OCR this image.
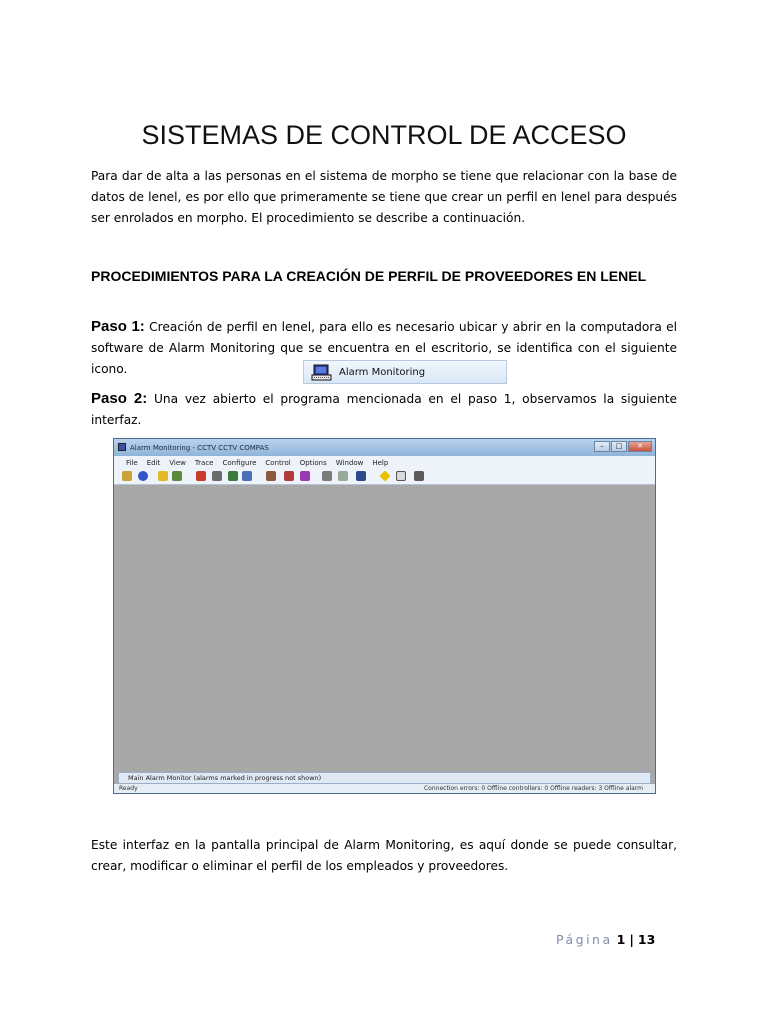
SISTEMAS DE CONTROL DE ACCESO

Para dar de alta a las personas en el sistema de morpho se tiene que relacionar con la base de datos de lenel, es por ello que primeramente se tiene que crear un perfil en lenel para después ser enrolados en morpho. El procedimiento se describe a continuación.

PROCEDIMIENTOS PARA LA CREACIÓN DE PERFIL DE PROVEEDORES EN LENEL

Paso 1: Creación de perfil en lenel, para ello es necesario ubicar y abrir en la computadora el software de Alarm Monitoring que se encuentra en el escritorio, se identifica con el siguiente icono.	Alarm Monitoring

Paso 2: Una vez abierto el programa mencionada en el paso 1, observamos la siguiente interfaz.

Alarm Monitoring - CCTV CCTV COMPAS	–	□	✕
File Edit View Trace Configure Control Options Window Help
Main Alarm Monitor (alarms marked in progress not shown)
Ready	Connection errors: 0 Offline controllers: 0 Offline readers: 3 Offline alarm

Este interfaz en la pantalla principal de Alarm Monitoring, es aquí donde se puede consultar, crear, modificar o eliminar el perfil de los empleados y proveedores.

Página 1 | 13
